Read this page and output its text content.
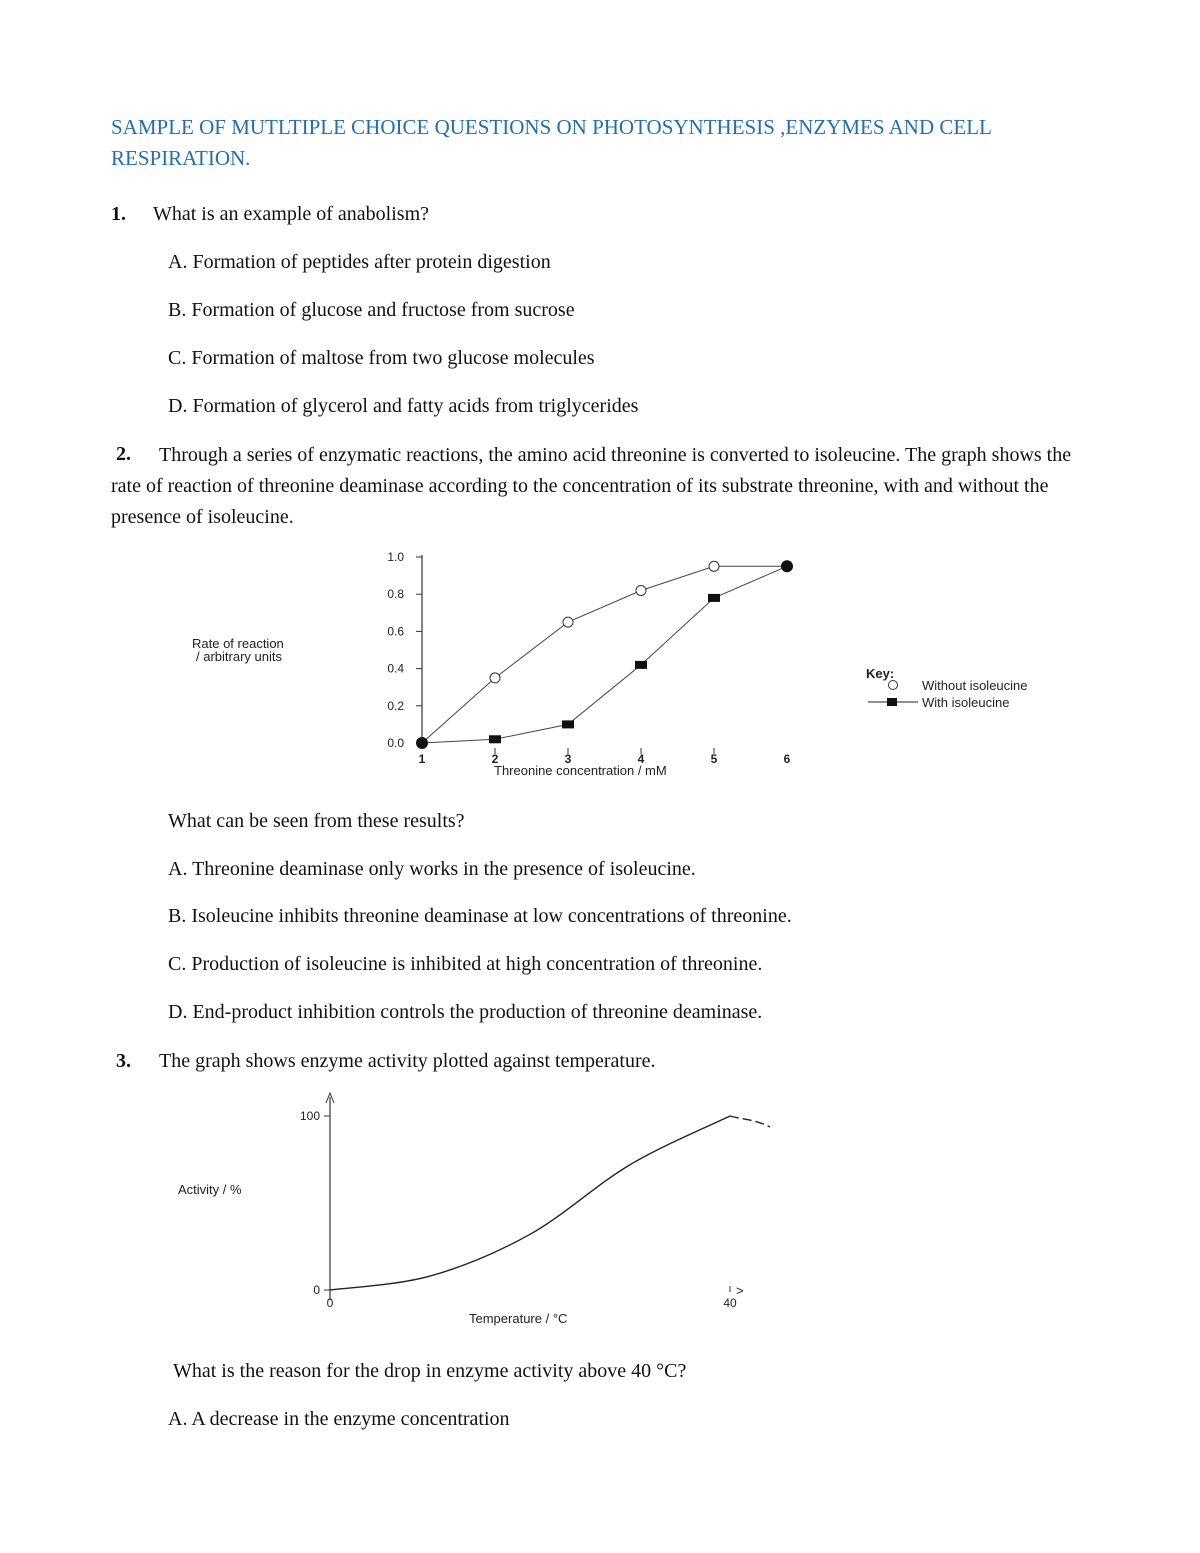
SAMPLE OF MUTLTIPLE CHOICE QUESTIONS ON PHOTOSYNTHESIS ,ENZYMES AND CELL RESPIRATION.
1. What is an example of anabolism?
A. Formation of peptides after protein digestion
B. Formation of glucose and fructose from sucrose
C. Formation of maltose from two glucose molecules
D. Formation of glycerol and fatty acids from triglycerides
2.	Through a series of enzymatic reactions, the amino acid threonine is converted to isoleucine. The graph shows the rate of reaction of threonine deaminase according to the concentration of its substrate threonine, with and without the presence of isoleucine.
0.0
0.2
0.4
0.6
0.8
1.0
1	2	3	4	5	6
Rate of reaction
/ arbitrary units
Threonine concentration / mM
Key:
Without isoleucine
With isoleucine
What can be seen from these results?
A. Threonine deaminase only works in the presence of isoleucine.
B. Isoleucine inhibits threonine deaminase at low concentrations of threonine.
C. Production of isoleucine is inhibited at high concentration of threonine.
D. End-product inhibition controls the production of threonine deaminase.
3. The graph shows enzyme activity plotted against temperature.
100
0
0	40
Activity / %
Temperature / °C
>
What is the reason for the drop in enzyme activity above 40 °C?
A. A decrease in the enzyme concentration
